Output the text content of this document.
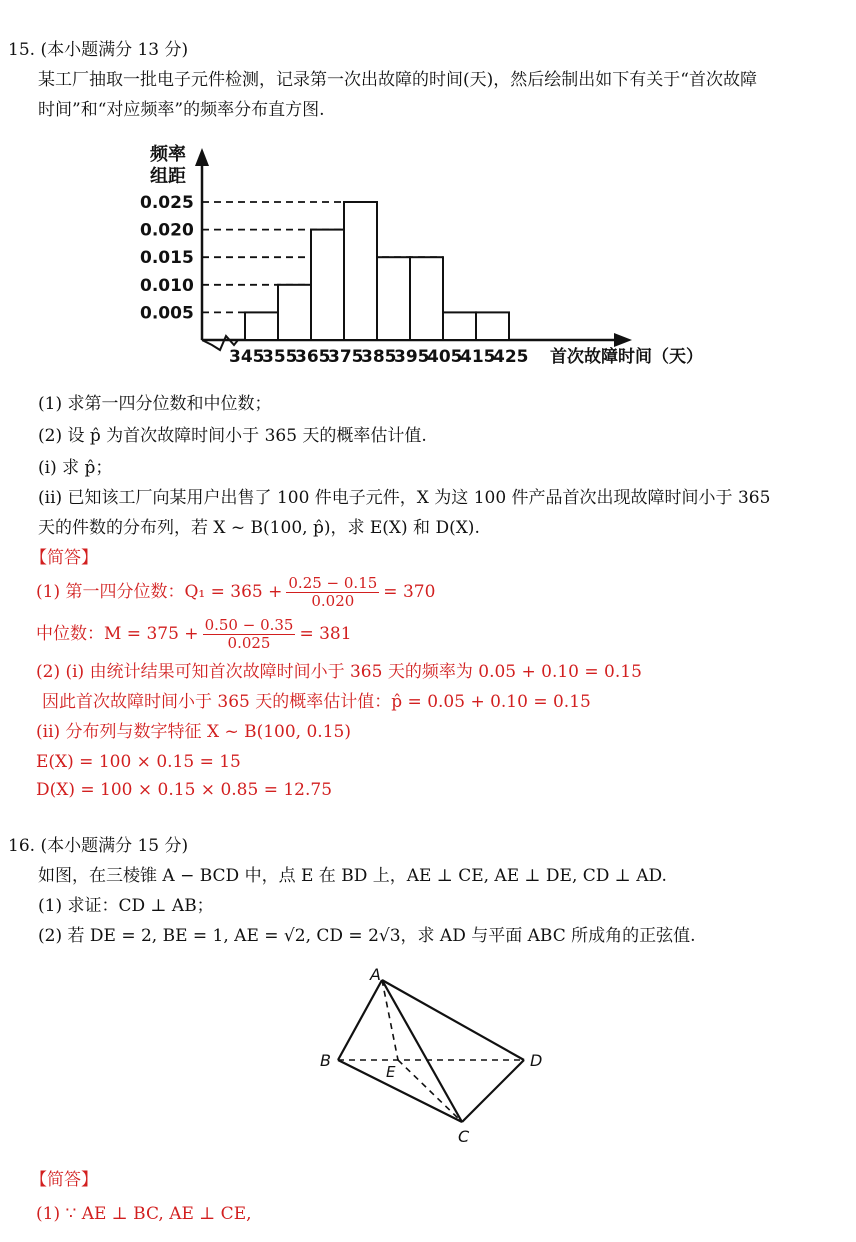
15. (本小题满分 13 分)
某工厂抽取一批电子元件检测，记录第一次出故障的时间(天)，然后绘制出如下有关于“首次故障
时间”和“对应频率”的频率分布直方图.
频率
组距
首次故障时间（天）
0.025
0.020
0.015
0.010
0.005
345
355
365
375
385
395
405
415
425
(1) 求第一四分位数和中位数；
(2) 设 p̂ 为首次故障时间小于 365 天的概率估计值.
(i) 求 p̂；
(ii) 已知该工厂向某用户出售了 100 件电子元件，X 为这 100 件产品首次出现故障时间小于 365
天的件数的分布列，若 X ~ B(100, p̂)，求 E(X) 和 D(X).
【简答】
(1) 第一四分位数：$Q_1 = 365 + \frac{0.25 - 0.15}{0.020} = 370$
中位数：$M = 375 + \frac{0.50 - 0.35}{0.025} = 381$
(2) (i) 由统计结果可知首次故障时间小于 365 天的频率为 0.05 + 0.10 = 0.15
因此首次故障时间小于 365 天的概率估计值：p̂ = 0.05 + 0.10 = 0.15
(ii) 分布列与数字特征 X ~ B(100, 0.15)
E(X) = 100 × 0.15 = 15
D(X) = 100 × 0.15 × 0.85 = 12.75
16. (本小题满分 15 分)
如图，在三棱锥 A − BCD 中，点 E 在 BD 上，AE ⊥ CE, AE ⊥ DE, CD ⊥ AD.
(1) 求证：CD ⊥ AB；
(2) 若 DE = 2, BE = 1, AE = √2, CD = 2√3，求 AD 与平面 ABC 所成角的正弦值.
A
B
E
D
C
【简答】
(1) ∵ AE ⊥ BC, AE ⊥ CE,
